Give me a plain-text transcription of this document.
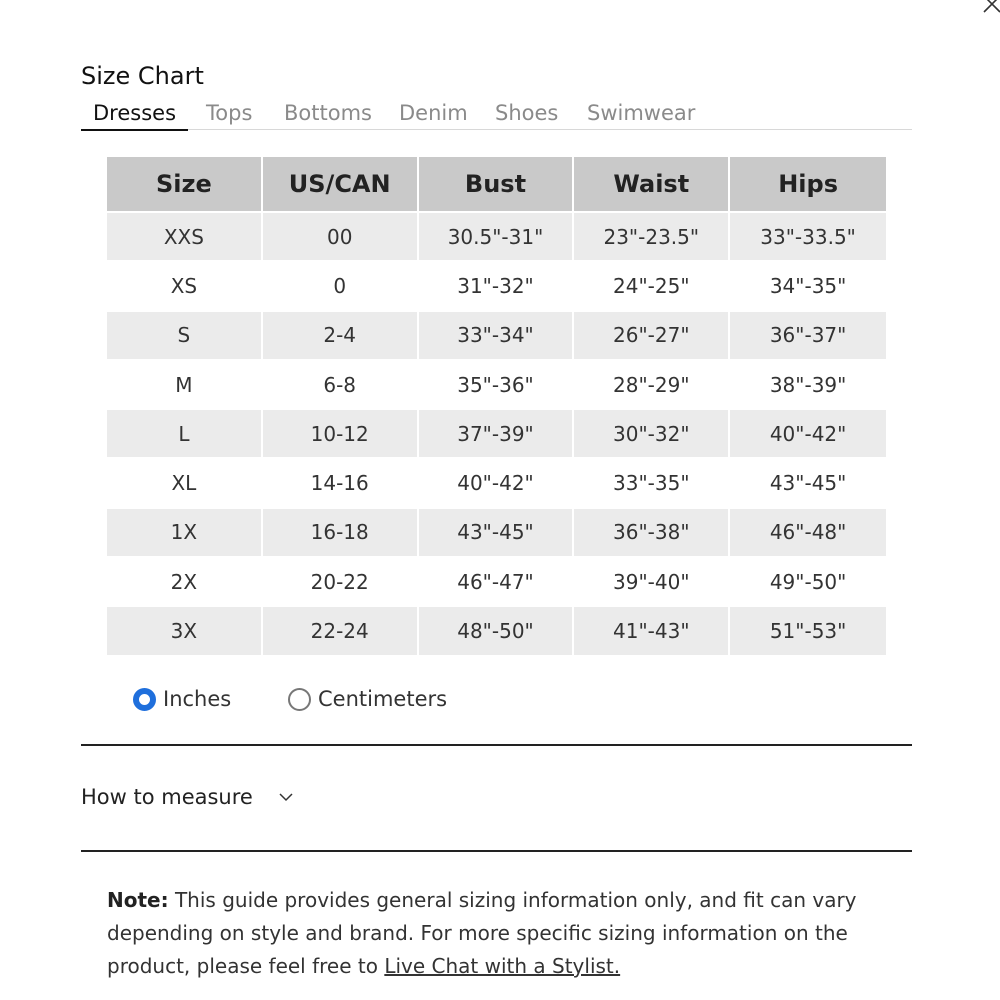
Size Chart
Dresses	Tops Bottoms Denim Shoes Swimwear
Size	US/CAN	Bust	Waist	Hips
XXS	00	30.5"-31"	23"-23.5"	33"-33.5"
XS	0	31"-32"	24"-25"	34"-35"
S	2-4	33"-34"	26"-27"	36"-37"
M	6-8	35"-36"	28"-29"	38"-39"
L	10-12	37"-39"	30"-32"	40"-42"
XL	14-16	40"-42"	33"-35"	43"-45"
1X	16-18	43"-45"	36"-38"	46"-48"
2X	20-22	46"-47"	39"-40"	49"-50"
3X	22-24	48"-50"	41"-43"	51"-53"
Inches	Centimeters
How to measure

Note: This guide provides general sizing information only, and fit can vary depending on style and brand. For more specific sizing information on the product, please feel free to Live Chat with a Stylist.
